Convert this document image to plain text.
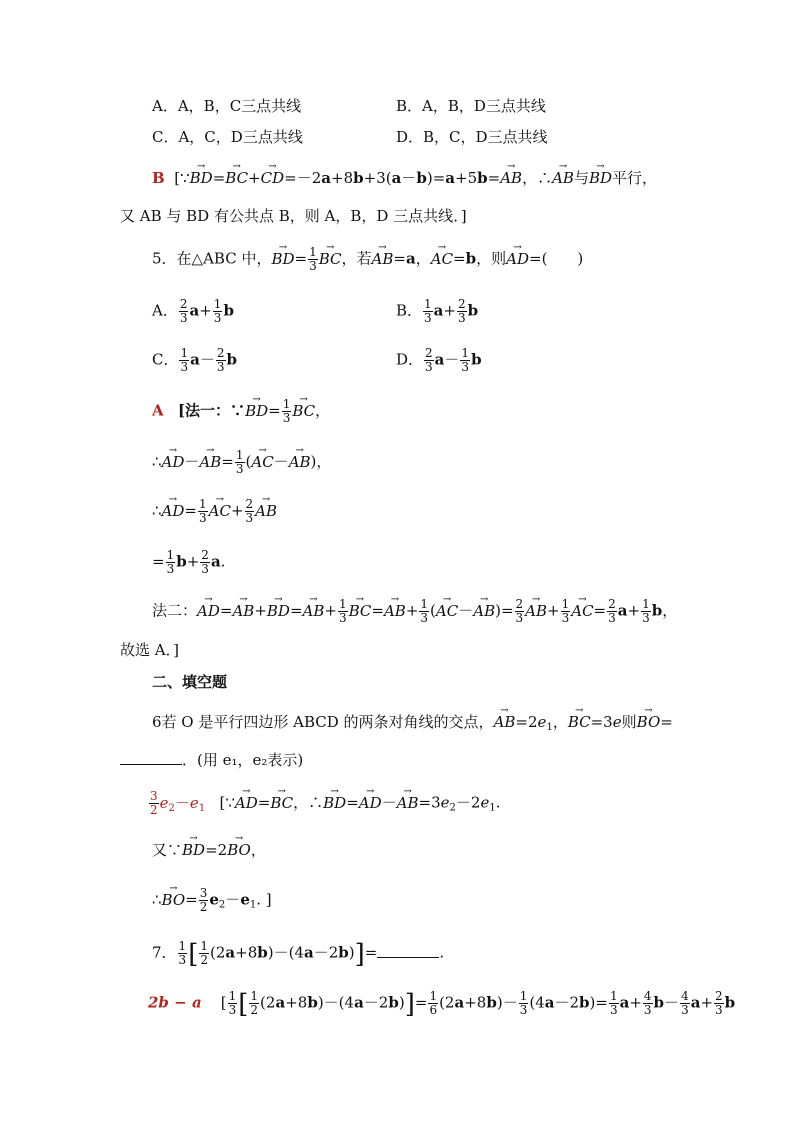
A．A，B，C三点共线	B．A，B，D三点共线
C．A，C，D三点共线	D．B，C，D三点共线
B  [∵→ BD=→ BC+→ CD=－2a+8b+3(a－b)=a+5b=→ AB，∴→ AB与→ BD平行，
又 AB 与 BD 有公共点 B，则 A，B，D 三点共线．]
5．在△ABC 中，→ $BD= \frac{1}{3}$
→ BC，若→ AB=a，→ AC=b，则→ AD=(　　)
A． $\frac{2}{3} a+ \frac{1}{3}$ b	B． $\frac{1}{3} a+ \frac{2}{3}$ b
C． $\frac{1}{3} a- \frac{2}{3}$ b	D． $\frac{2}{3} a- \frac{1}{3}$ b
A [法一：∵→ $BD= \frac{1}{3}$
→ BC，
∴→ $AD-\to AB= \frac{1}{3}$ (→ AC－→ AB)，
∴→ $AD= \frac{1}{3}$
→ $AC+ \frac{2}{3}$
→ AB
= $\frac{1}{3} b+ \frac{2}{3} a$.
法二：→ $AD=\to AB+\to BD=\to AB+ \frac{1}{3}$
→ $BC=\to AB+ \frac{1}{3}$ (→ $AC-\to AB)= \frac{2}{3}$
→ $AB+ \frac{1}{3}$
→ $AC= \frac{2}{3} a+ \frac{1}{3}$ b，
故选 A．]
二、填空题
6若 O 是平行四边形 ABCD 的两条对角线的交点，→ $AB=2e_1$，→ BC=3e则→ BO=
．(用 e₁，e₂表示)
$\frac{3}{2} e_2-e_1$   [∵→ AD=→ BC，∴→ $BD=\to AD-\to AB=3e_2-2e_1$.
又∵→ BD=2→ BO，
∴→ $BO= \frac{3}{2} e_2-e_1$. ]
7． $\frac{1}{3}$ [ $\frac{1}{2} (2a+8b)-(4a-2b)]=$	.
2b − a    [ $\frac{1}{3}$ [ $\frac{1}{2} (2a+8b)-(4a-2b)]= \frac{1}{6} (2a+8b)- \frac{1}{3} (4a-2b)= \frac{1}{3} a+ \frac{4}{3} b- \frac{4}{3} a+ \frac{2}{3}$ b
